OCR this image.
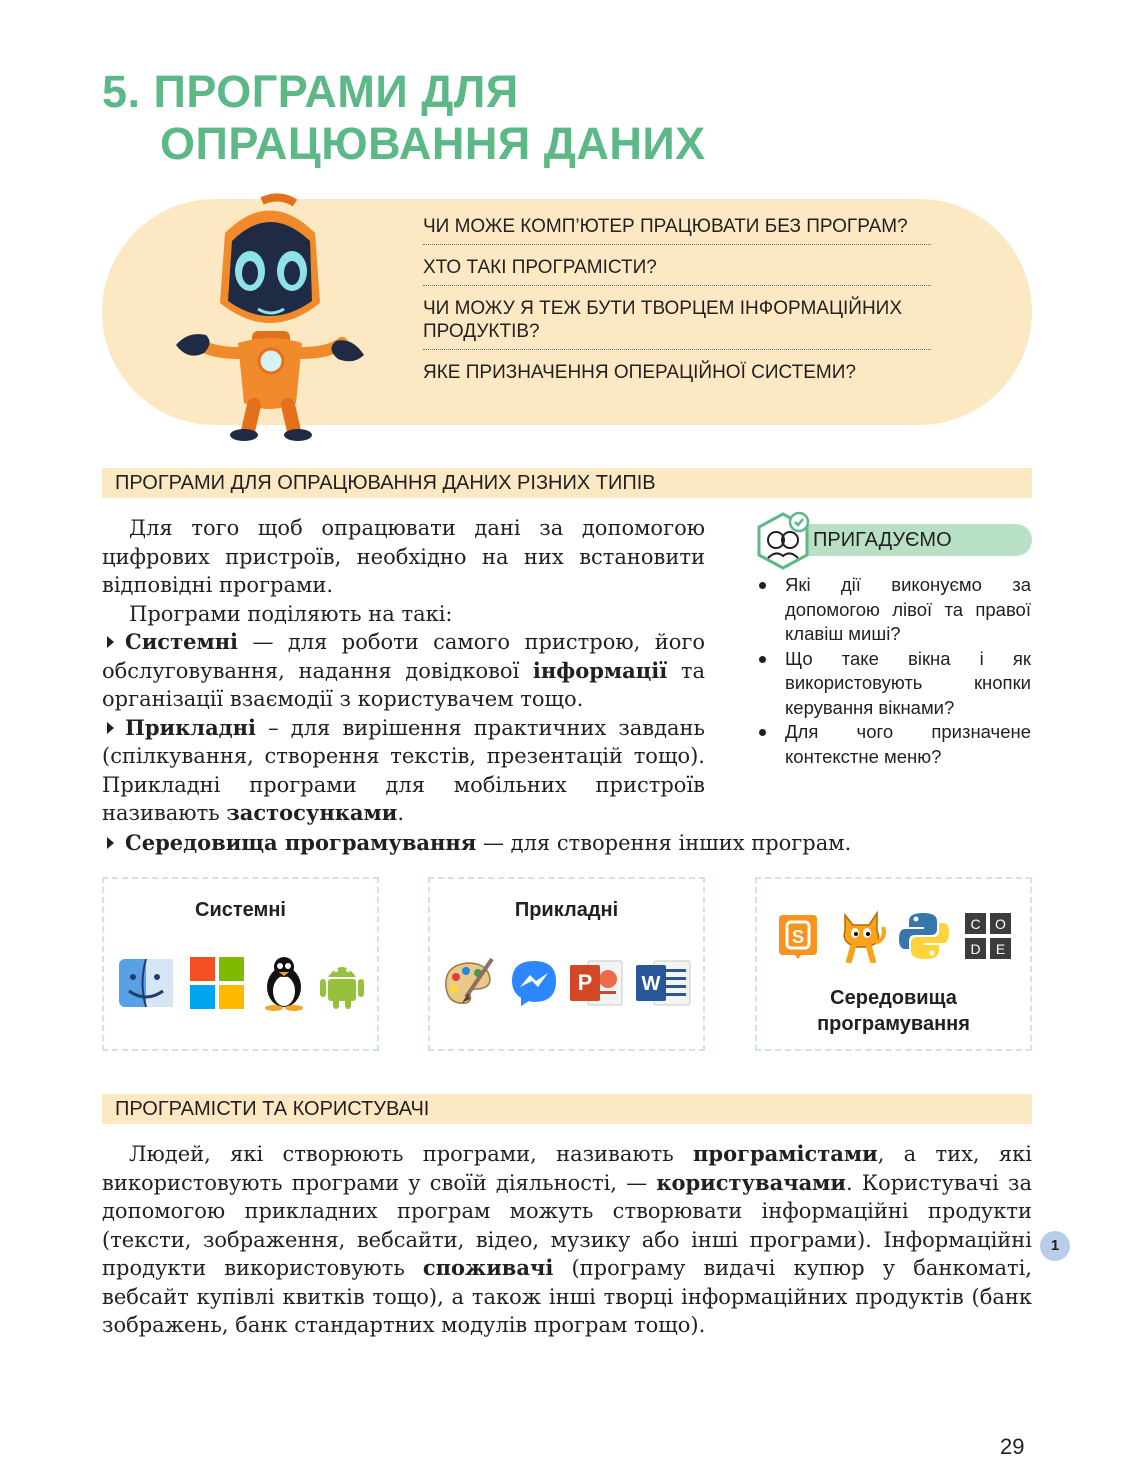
5. ПРОГРАМИ ДЛЯ
ОПРАЦЮВАННЯ ДАНИХ
ЧИ МОЖЕ КОМП’ЮТЕР ПРАЦЮВАТИ БЕЗ ПРОГРАМ?
ХТО ТАКІ ПРОГРАМІСТИ?
ЧИ МОЖУ Я ТЕЖ БУТИ ТВОРЦЕМ ІНФОРМАЦІЙНИХ ПРОДУКТІВ?
ЯКЕ ПРИЗНАЧЕННЯ ОПЕРАЦІЙНОЇ СИСТЕМИ?
ПРОГРАМИ ДЛЯ ОПРАЦЮВАННЯ ДАНИХ РІЗНИХ ТИПІВ

Для того щоб опрацювати дані за допомогою цифрових пристроїв, необхідно на них встановити відповідні програми.

Програми поділяють на такі:

Системні — для роботи самого пристрою, його обслуговування, надання довідкової інформації та організації взаємодії з користувачем тощо.

Прикладні – для вирішення практичних завдань (спілкування, створення текстів, презентацій тощо). Прикладні програми для мобільних пристроїв називають застосунками.

Середовища програмування — для створення інших програм.
ПРИГАДУЄМО
Які дії виконуємо за допомогою лівої та правої клавіш миші?
Що таке вікна і як використовують кнопки керування вікнами?
Для чого призначене контекстне меню?
Системні	Прикладні
P W
S
C O
D E
Середовища
програмування
ПРОГРАМІСТИ ТА КОРИСТУВАЧІ

Людей, які створюють програми, називають програмістами, а тих, які використовують програми у своїй діяльності, — користувачами. Користувачі за допомогою прикладних програм можуть створювати інформаційні продукти (тексти, зображення, вебсайти, відео, музику або інші програми). Інформаційні продукти використовують споживачі (програму видачі купюр у банкоматі, вебсайт купівлі квитків тощо), а також інші творці інформаційних продуктів (банк зображень, банк стандартних модулів програм тощо).

1
29
